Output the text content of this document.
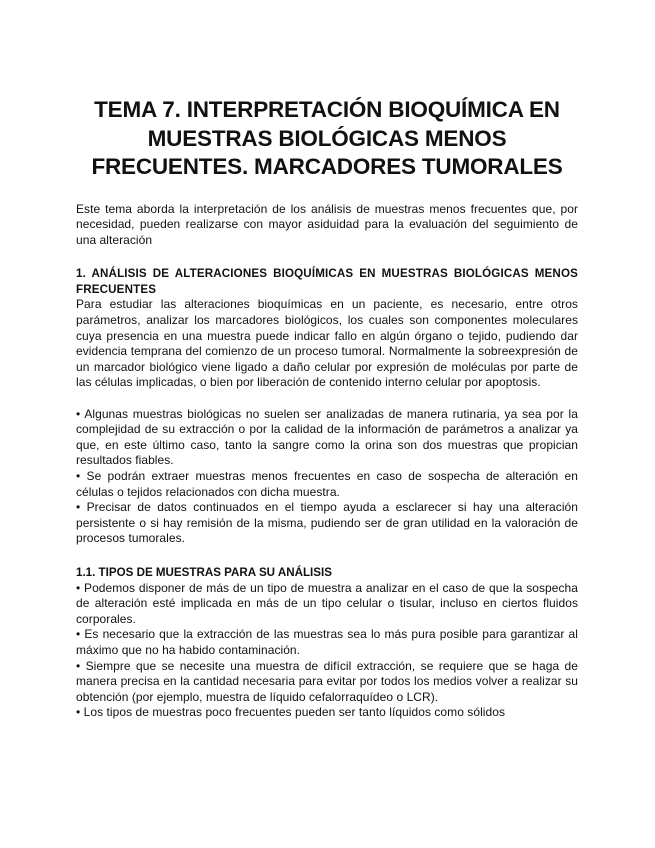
TEMA 7. INTERPRETACIÓN BIOQUÍMICA EN
MUESTRAS BIOLÓGICAS MENOS
FRECUENTES. MARCADORES TUMORALES

Este tema aborda la interpretación de los análisis de muestras menos frecuentes que, por necesidad, pueden realizarse con mayor asiduidad para la evaluación del seguimiento de una alteración

1. ANÁLISIS DE ALTERACIONES BIOQUÍMICAS EN MUESTRAS BIOLÓGICAS MENOS FRECUENTES

Para estudiar las alteraciones bioquímicas en un paciente, es necesario, entre otros parámetros, analizar los marcadores biológicos, los cuales son componentes moleculares cuya presencia en una muestra puede indicar fallo en algún órgano o tejido, pudiendo dar evidencia temprana del comienzo de un proceso tumoral. Normalmente la sobreexpresión de un marcador biológico viene ligado a daño celular por expresión de moléculas por parte de las células implicadas, o bien por liberación de contenido interno celular por apoptosis.

• Algunas muestras biológicas no suelen ser analizadas de manera rutinaria, ya sea por la complejidad de su extracción o por la calidad de la información de parámetros a analizar ya que, en este último caso, tanto la sangre como la orina son dos muestras que propician resultados fiables.

• Se podrán extraer muestras menos frecuentes en caso de sospecha de alteración en células o tejidos relacionados con dicha muestra.

• Precisar de datos continuados en el tiempo ayuda a esclarecer si hay una alteración persistente o si hay remisión de la misma, pudiendo ser de gran utilidad en la valoración de procesos tumorales.

1.1. TIPOS DE MUESTRAS PARA SU ANÁLISIS

• Podemos disponer de más de un tipo de muestra a analizar en el caso de que la sospecha de alteración esté implicada en más de un tipo celular o tisular, incluso en ciertos fluidos corporales.

• Es necesario que la extracción de las muestras sea lo más pura posible para garantizar al máximo que no ha habido contaminación.

• Siempre que se necesite una muestra de difícil extracción, se requiere que se haga de manera precisa en la cantidad necesaria para evitar por todos los medios volver a realizar su obtención (por ejemplo, muestra de líquido cefalorraquídeo o LCR).

• Los tipos de muestras poco frecuentes pueden ser tanto líquidos como sólidos
